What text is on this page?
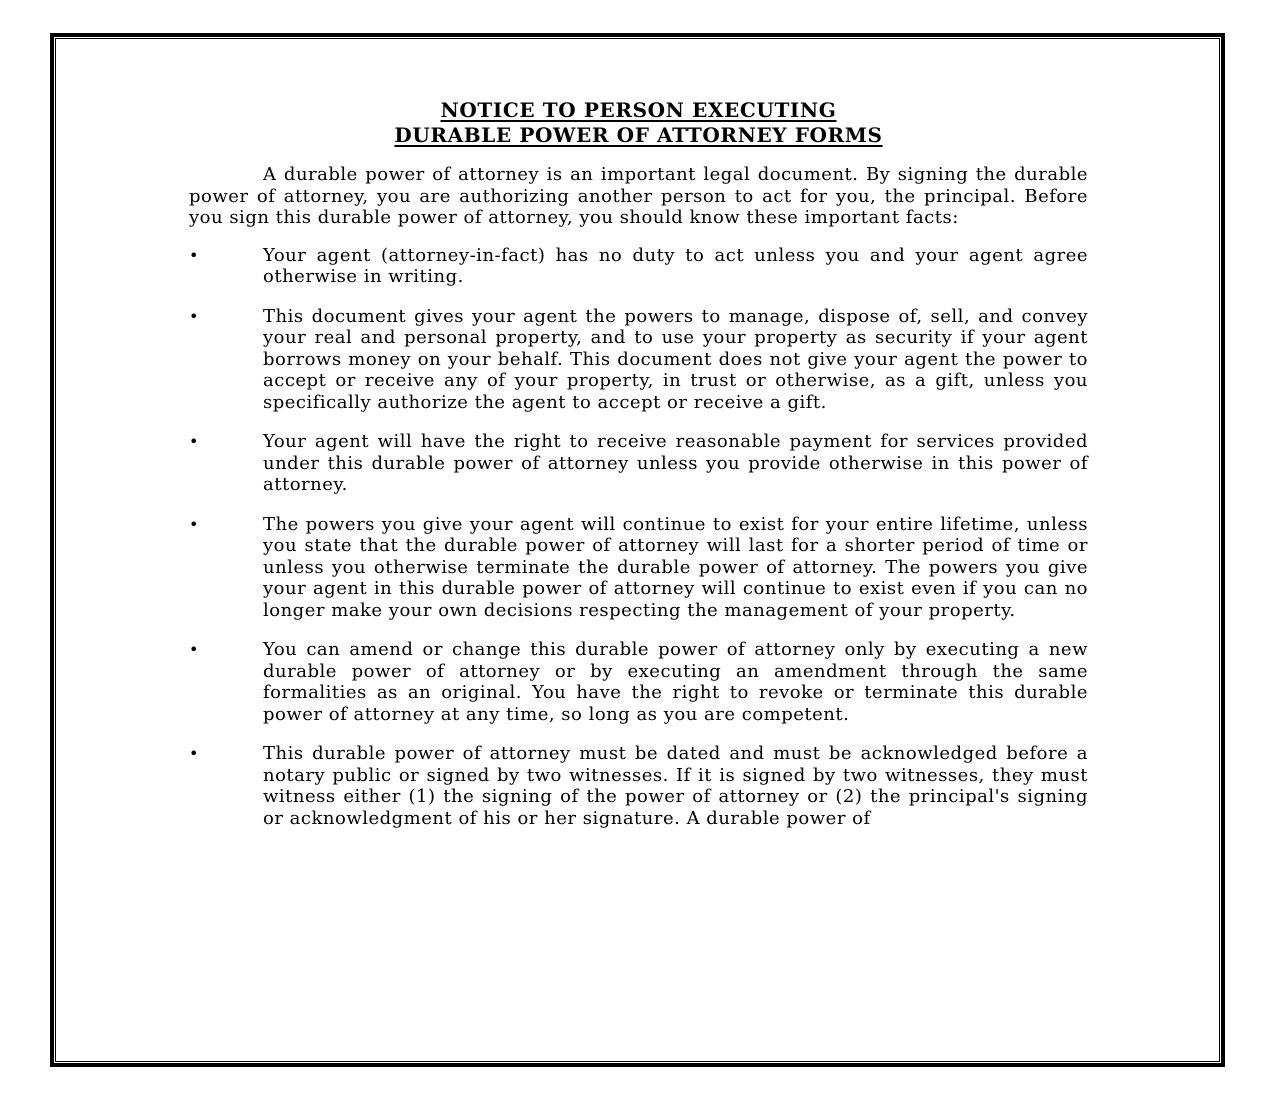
NOTICE TO PERSON EXECUTING
DURABLE POWER OF ATTORNEY FORMS

A durable power of attorney is an important legal document. By signing the durable power of attorney, you are authorizing another person to act for you, the principal. Before you sign this durable power of attorney, you should know these important facts:

•	Your agent (attorney-in-fact) has no duty to act unless you and your agent agree otherwise in writing.
•	This document gives your agent the powers to manage, dispose of, sell, and convey your real and personal property, and to use your property as security if your agent borrows money on your behalf. This document does not give your agent the power to accept or receive any of your property, in trust or otherwise, as a gift, unless you specifically authorize the agent to accept or receive a gift.
•	Your agent will have the right to receive reasonable payment for services provided under this durable power of attorney unless you provide otherwise in this power of attorney.
•	The powers you give your agent will continue to exist for your entire lifetime, unless you state that the durable power of attorney will last for a shorter period of time or unless you otherwise terminate the durable power of attorney. The powers you give your agent in this durable power of attorney will continue to exist even if you can no longer make your own decisions respecting the management of your property.
•	You can amend or change this durable power of attorney only by executing a new durable power of attorney or by executing an amendment through the same formalities as an original. You have the right to revoke or terminate this durable power of attorney at any time, so long as you are competent.
•	This durable power of attorney must be dated and must be acknowledged before a notary public or signed by two witnesses. If it is signed by two witnesses, they must witness either (1) the signing of the power of attorney or (2) the principal's signing or acknowledgment of his or her signature. A durable power of
